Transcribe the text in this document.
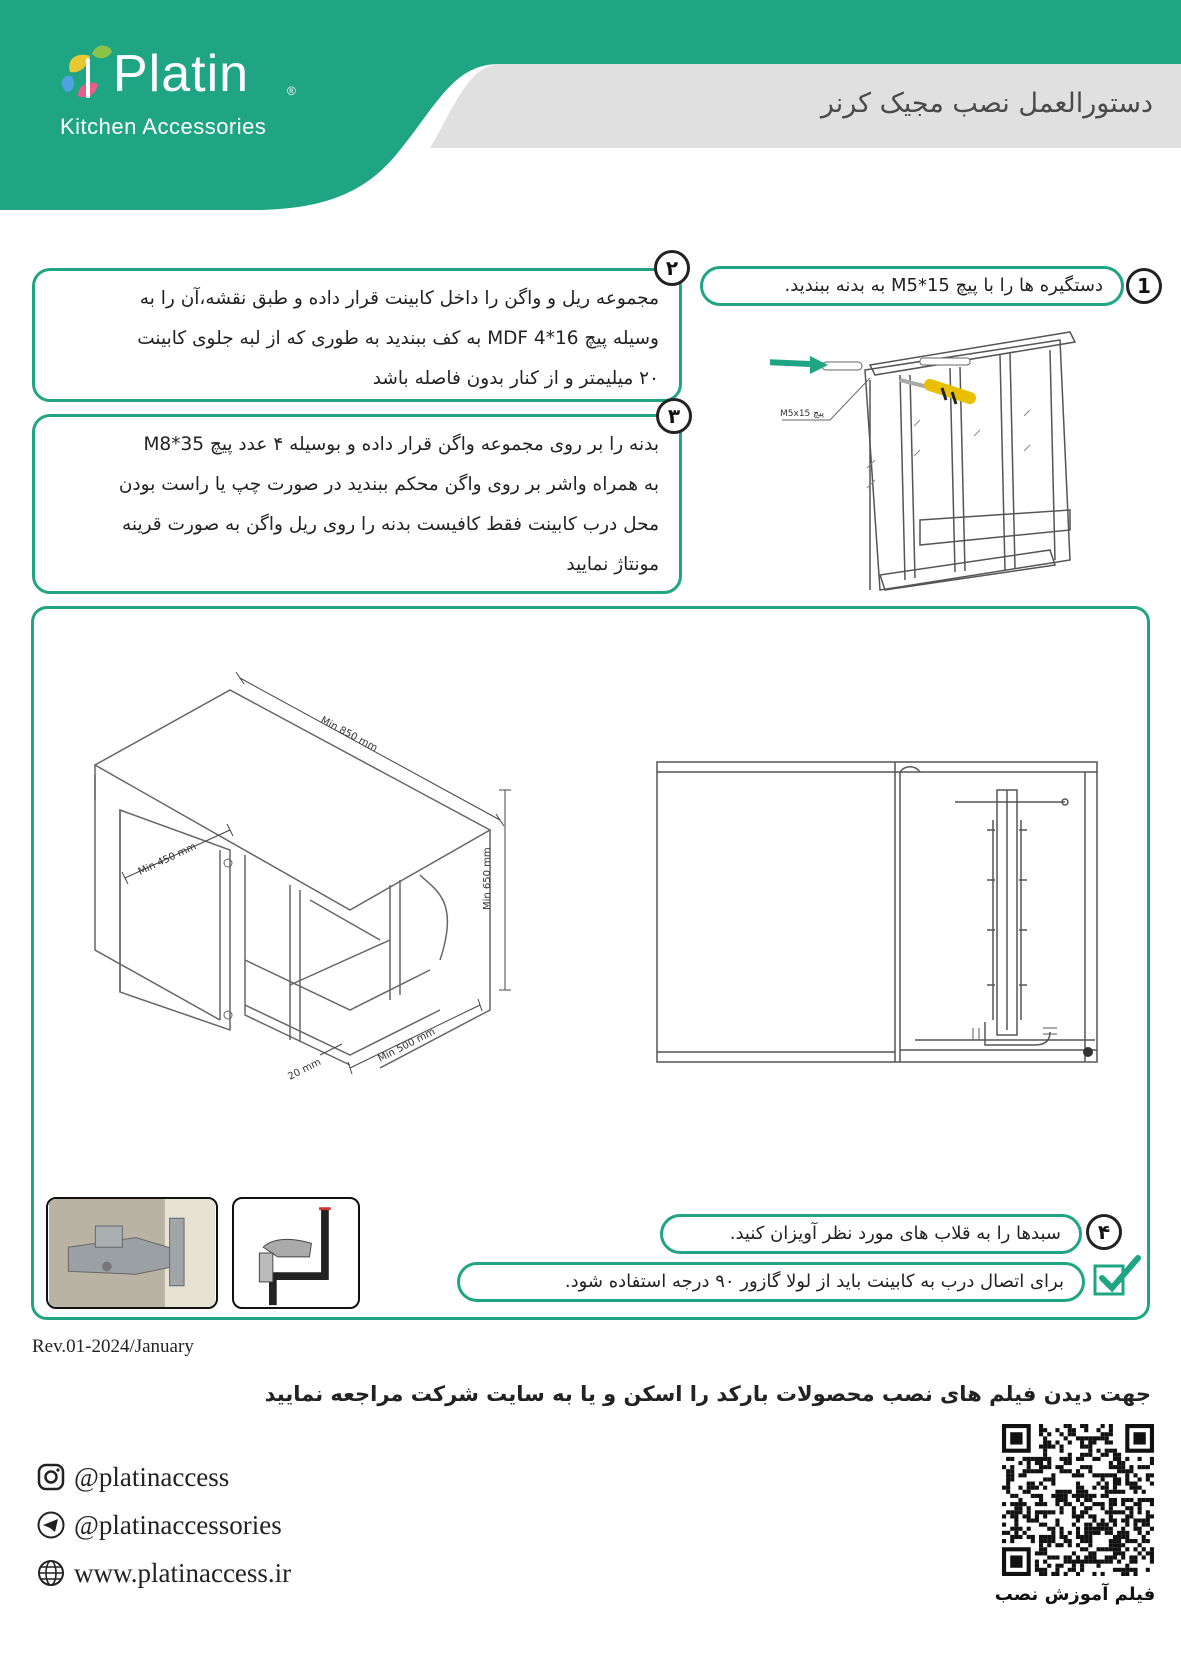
Platin	®
Kitchen Accessories
دستورالعمل نصب مجیک کرنر
دستگیره ها را با پیچ M5*15 به بدنه ببندید.	1
مجموعه ریل و واگن را داخل کابینت قرار داده و طبق نقشه،آن را به
وسیله پیچ MDF 4*16 به کف ببندید به طوری که از لبه جلوی کابینت
۲۰ میلیمتر و از کنار بدون فاصله باشد
۲
بدنه را بر روی مجموعه واگن قرار داده و بوسیله ۴ عدد پیچ M8*35
به همراه واشر بر روی واگن محکم ببندید در صورت چپ یا راست بودن
محل درب کابینت فقط کافیست بدنه را روی ریل واگن به صورت قرینه
مونتاژ نمایید
۳	M5x15 پیچ
Min 850 mm
Min 450 mm	Min 650 mm
Min 500 mm
20 mm
سبدها را به قلاب های مورد نظر آویزان کنید.	۴
برای اتصال درب به کابینت باید از لولا گازور ۹۰ درجه استفاده شود.
Rev.01-2024/January
جهت دیدن فیلم های نصب محصولات بارکد را اسکن و یا به سایت شرکت مراجعه نمایید
@platinaccess
@platinaccessories
www.platinaccess.ir
فیلم آموزش نصب
